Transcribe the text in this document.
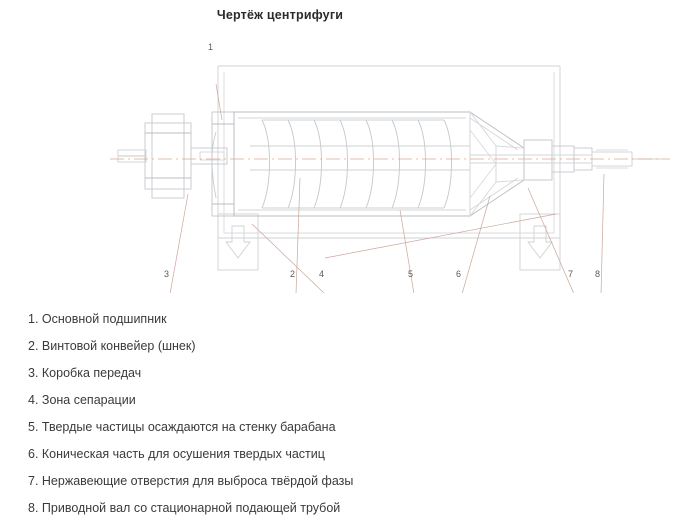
Чертёж центрифуги
1
3	2	4	5	6	7 8
1. Основной подшипник
2. Винтовой конвейер (шнек)
3. Коробка передач
4. Зона сепарации
5. Твердые частицы осаждаются на стенку барабана
6. Коническая часть для осушения твердых частиц
7. Нержавеющие отверстия для выброса твёрдой фазы
8. Приводной вал со стационарной подающей трубой
